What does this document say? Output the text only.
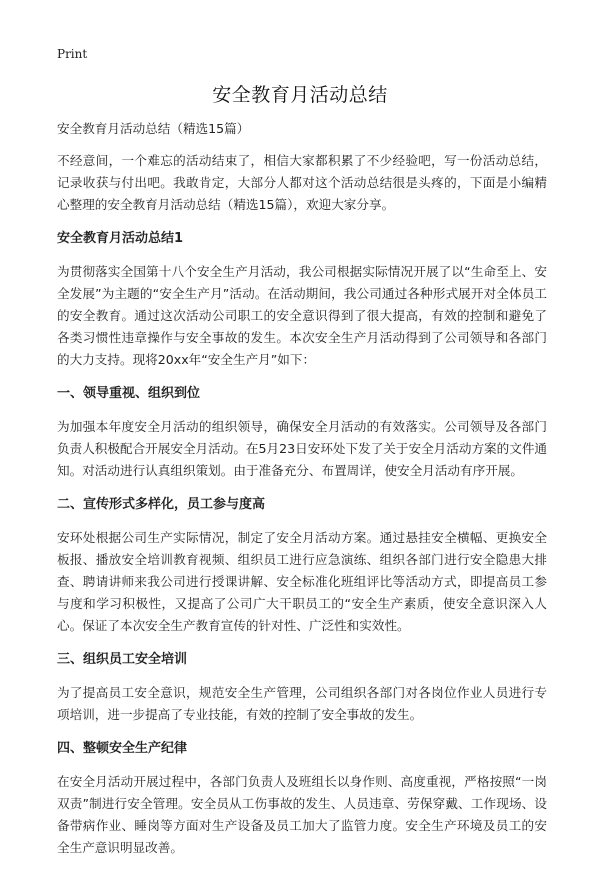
Print
安全教育月活动总结

安全教育月活动总结（精选15篇）

不经意间，一个难忘的活动结束了，相信大家都积累了不少经验吧，写一份活动总结，记录收获与付出吧。我敢肯定，大部分人都对这个活动总结很是头疼的，下面是小编精心整理的安全教育月活动总结（精选15篇），欢迎大家分享。

安全教育月活动总结1

为贯彻落实全国第十八个安全生产月活动，我公司根据实际情况开展了以“生命至上、安全发展”为主题的“安全生产月”活动。在活动期间，我公司通过各种形式展开对全体员工的安全教育。通过这次活动公司职工的安全意识得到了很大提高，有效的控制和避免了各类习惯性违章操作与安全事故的发生。本次安全生产月活动得到了公司领导和各部门的大力支持。现将20xx年“安全生产月”如下：

一、领导重视、组织到位

为加强本年度安全月活动的组织领导，确保安全月活动的有效落实。公司领导及各部门负责人积极配合开展安全月活动。在5月23日安环处下发了关于安全月活动方案的文件通知。对活动进行认真组织策划。由于准备充分、布置周详，使安全月活动有序开展。

二、宣传形式多样化，员工参与度高

安环处根据公司生产实际情况，制定了安全月活动方案。通过悬挂安全横幅、更换安全板报、播放安全培训教育视频、组织员工进行应急演练、组织各部门进行安全隐患大排查、聘请讲师来我公司进行授课讲解、安全标准化班组评比等活动方式，即提高员工参与度和学习积极性，又提高了公司广大干职员工的“安全生产素质，使安全意识深入人心。保证了本次安全生产教育宣传的针对性、广泛性和实效性。

三、组织员工安全培训

为了提高员工安全意识，规范安全生产管理，公司组织各部门对各岗位作业人员进行专项培训，进一步提高了专业技能，有效的控制了安全事故的发生。

四、整顿安全生产纪律

在安全月活动开展过程中，各部门负责人及班组长以身作则、高度重视，严格按照“一岗双责”制进行安全管理。安全员从工伤事故的发生、人员违章、劳保穿戴、工作现场、设备带病作业、睡岗等方面对生产设备及员工加大了监管力度。安全生产环境及员工的安全生产意识明显改善。
